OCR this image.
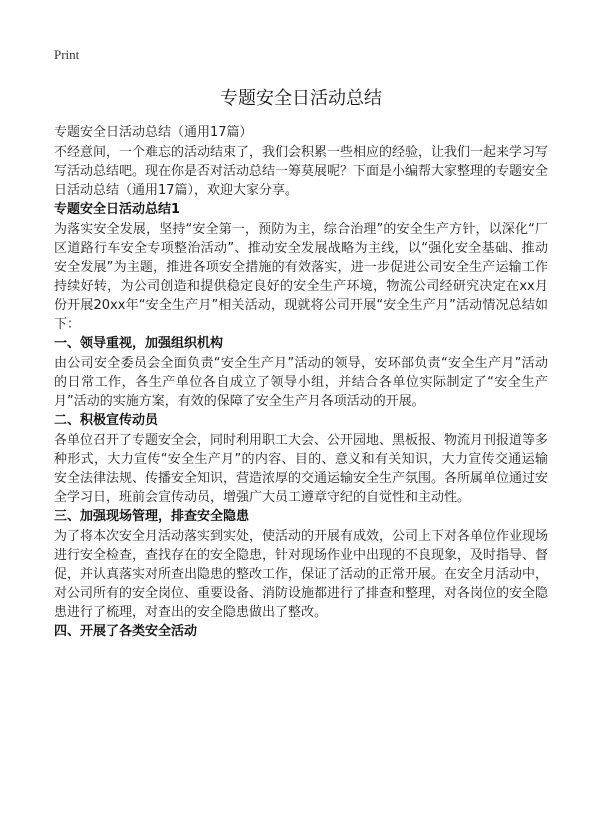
Print
专题安全日活动总结
专题安全日活动总结（通用17篇）

不经意间，一个难忘的活动结束了，我们会积累一些相应的经验，让我们一起来学习写写活动总结吧。现在你是否对活动总结一筹莫展呢？下面是小编帮大家整理的专题安全日活动总结（通用17篇），欢迎大家分享。

专题安全日活动总结1

为落实安全发展，坚持“安全第一，预防为主，综合治理”的安全生产方针，以深化“厂区道路行车安全专项整治活动”、推动安全发展战略为主线，以“强化安全基础、推动安全发展”为主题，推进各项安全措施的有效落实，进一步促进公司安全生产运输工作持续好转，为公司创造和提供稳定良好的安全生产环境，物流公司经研究决定在xx月份开展20xx年“安全生产月”相关活动，现就将公司开展“安全生产月”活动情况总结如下：

一、领导重视，加强组织机构

由公司安全委员会全面负责“安全生产月”活动的领导，安环部负责“安全生产月”活动的日常工作，各生产单位各自成立了领导小组，并结合各单位实际制定了“安全生产月”活动的实施方案，有效的保障了安全生产月各项活动的开展。

二、积极宣传动员

各单位召开了专题安全会，同时利用职工大会、公开园地、黑板报、物流月刊报道等多种形式，大力宣传“安全生产月”的内容、目的、意义和有关知识，大力宣传交通运输安全法律法规、传播安全知识，营造浓厚的交通运输安全生产氛围。各所属单位通过安全学习日，班前会宣传动员，增强广大员工遵章守纪的自觉性和主动性。

三、加强现场管理，排查安全隐患

为了将本次安全月活动落实到实处，使活动的开展有成效，公司上下对各单位作业现场进行安全检查，查找存在的安全隐患，针对现场作业中出现的不良现象，及时指导、督促，并认真落实对所查出隐患的整改工作，保证了活动的正常开展。在安全月活动中，对公司所有的安全岗位、重要设备、消防设施都进行了排查和整理，对各岗位的安全隐患进行了梳理，对查出的安全隐患做出了整改。

四、开展了各类安全活动
